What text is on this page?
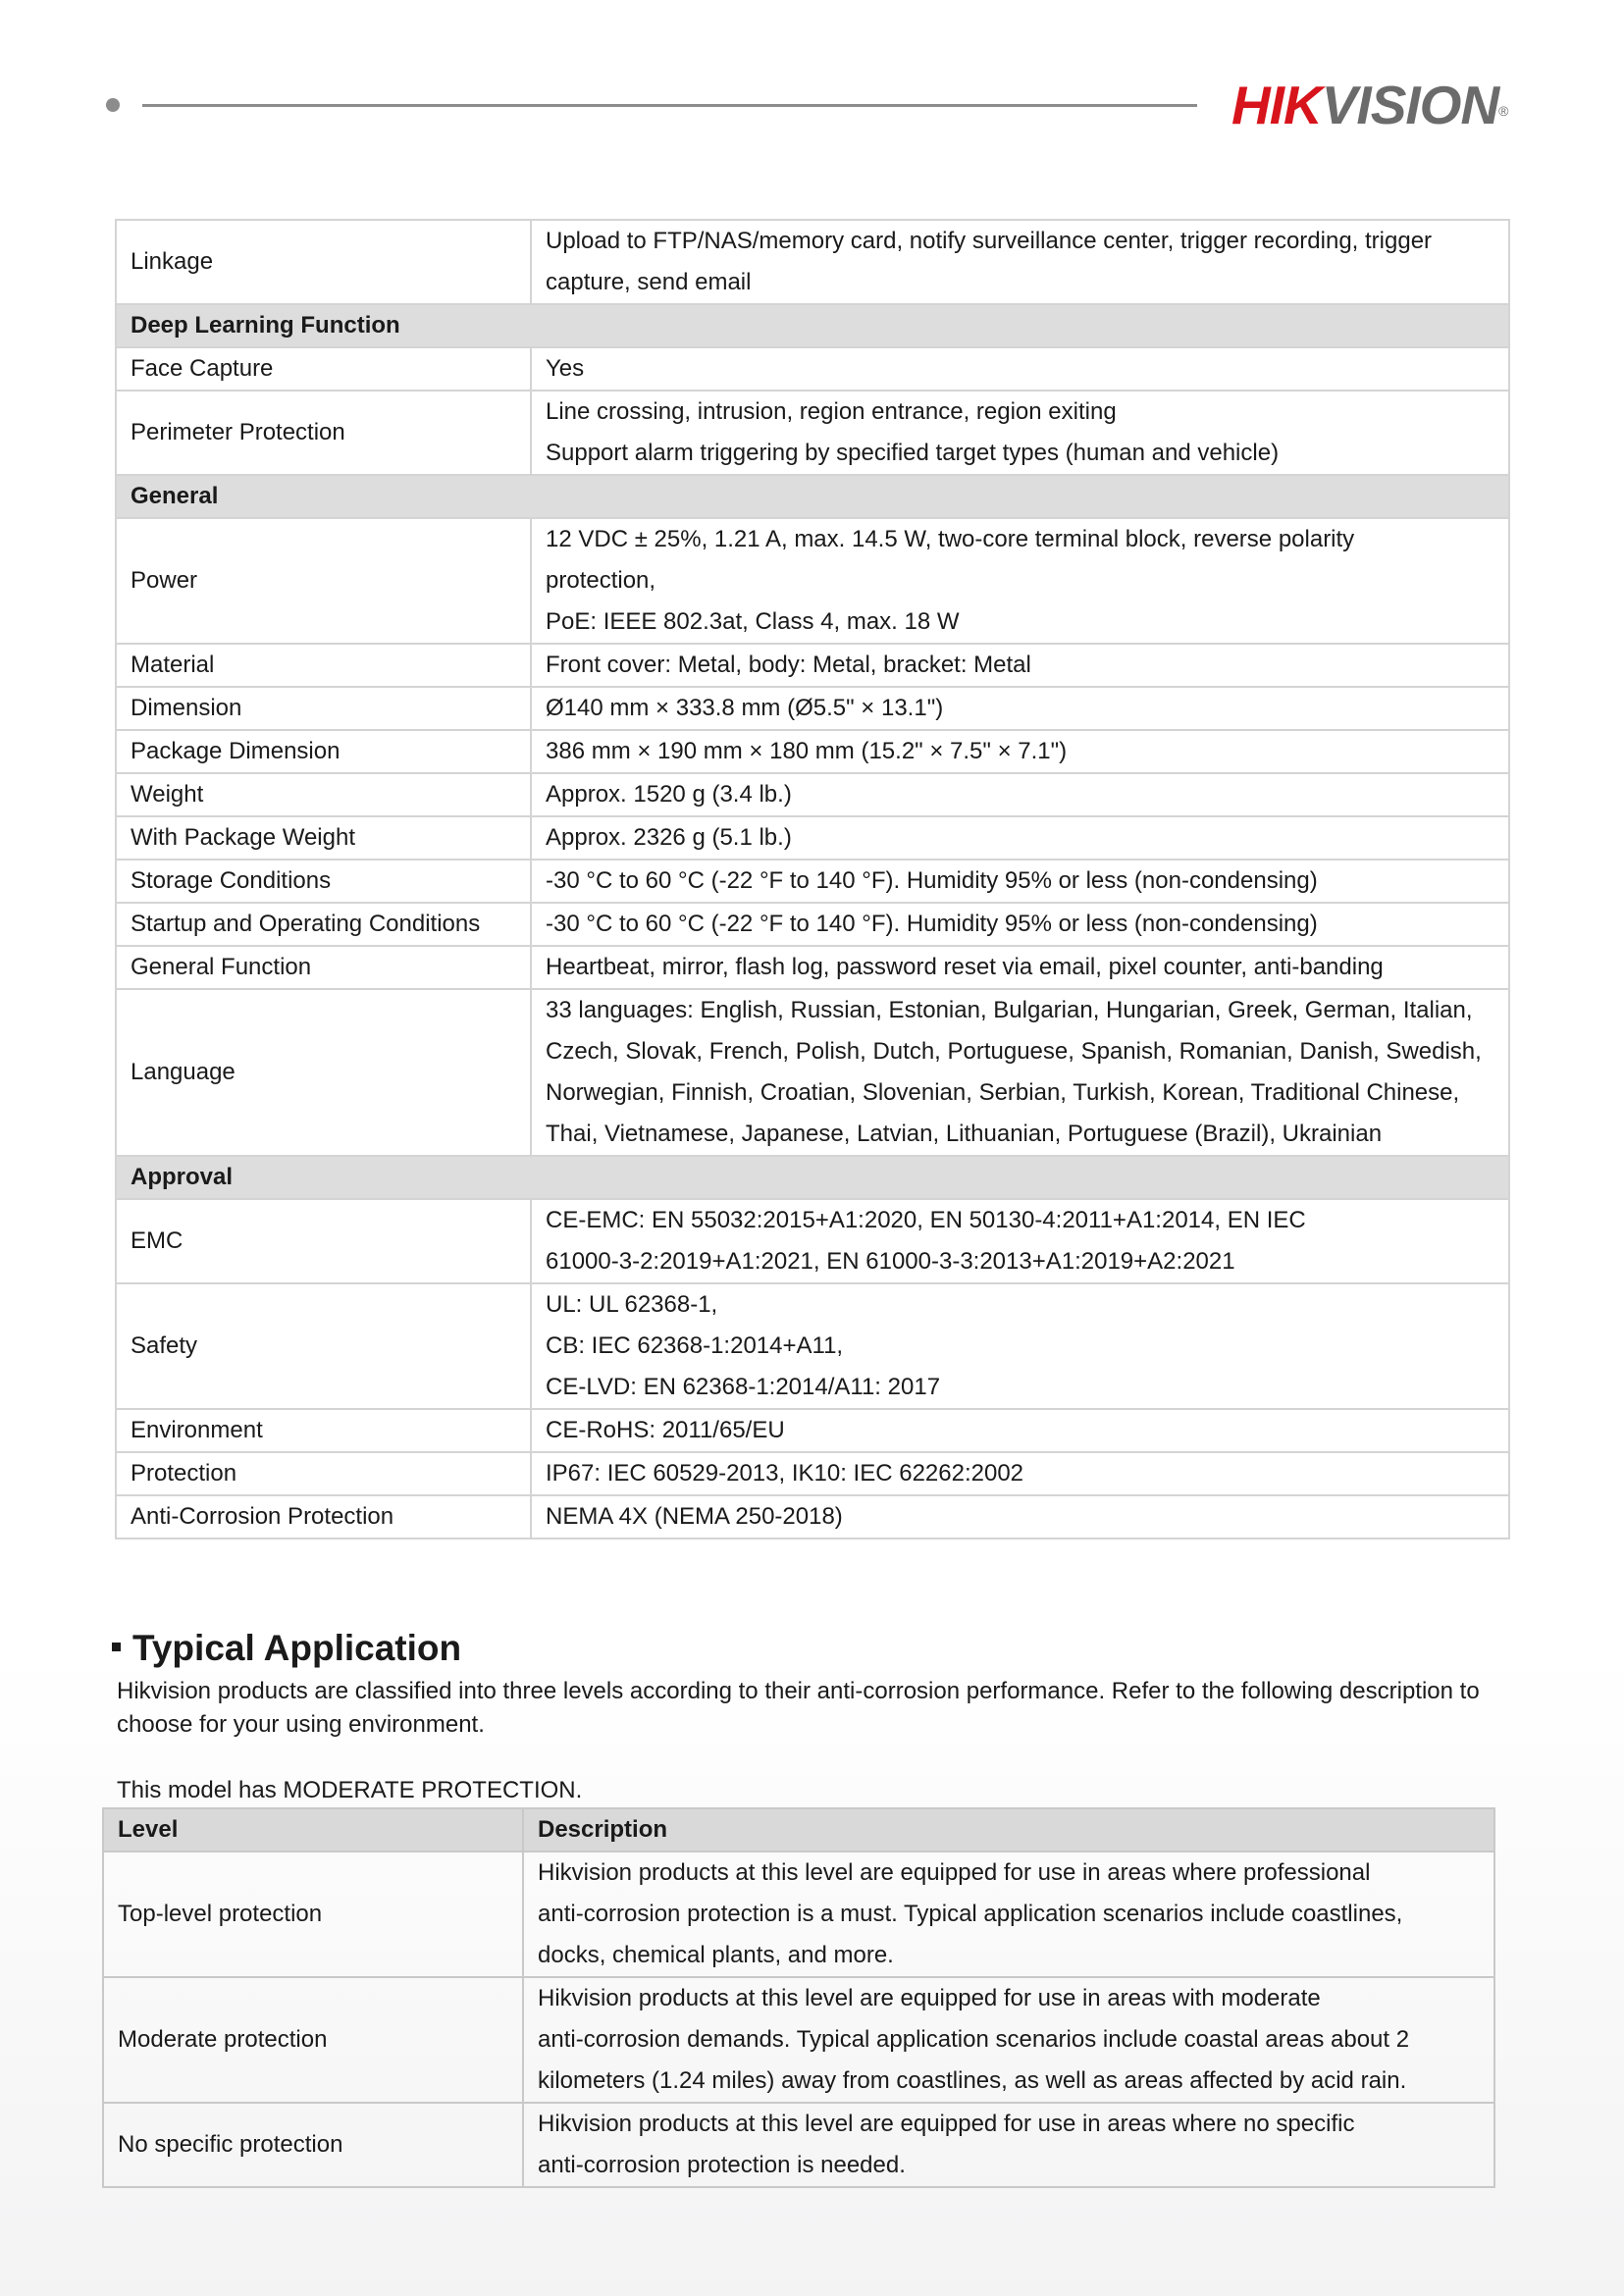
HIKVISION®
Linkage	Upload to FTP/NAS/memory card, notify surveillance center, trigger recording, trigger
capture, send email

Deep Learning Function	
Face Capture	Yes

Perimeter Protection	Line crossing, intrusion, region entrance, region exiting
Support alarm triggering by specified target types (human and vehicle)

General	
Power	12 VDC ± 25%, 1.21 A, max. 14.5 W, two-core terminal block, reverse polarity
protection,
PoE: IEEE 802.3at, Class 4, max. 18 W

Material	Front cover: Metal, body: Metal, bracket: Metal

Dimension	Ø140 mm × 333.8 mm (Ø5.5" × 13.1")

Package Dimension	386 mm × 190 mm × 180 mm (15.2" × 7.5" × 7.1")

Weight	Approx. 1520 g (3.4 lb.)

With Package Weight	Approx. 2326 g (5.1 lb.)

Storage Conditions	-30 °C to 60 °C (-22 °F to 140 °F). Humidity 95% or less (non-condensing)

Startup and Operating Conditions	-30 °C to 60 °C (-22 °F to 140 °F). Humidity 95% or less (non-condensing)

General Function	Heartbeat, mirror, flash log, password reset via email, pixel counter, anti-banding

Language	33 languages: English, Russian, Estonian, Bulgarian, Hungarian, Greek, German, Italian,
Czech, Slovak, French, Polish, Dutch, Portuguese, Spanish, Romanian, Danish, Swedish,
Norwegian, Finnish, Croatian, Slovenian, Serbian, Turkish, Korean, Traditional Chinese,
Thai, Vietnamese, Japanese, Latvian, Lithuanian, Portuguese (Brazil), Ukrainian

Approval	
EMC	CE-EMC: EN 55032:2015+A1:2020, EN 50130-4:2011+A1:2014, EN IEC
61000-3-2:2019+A1:2021, EN 61000-3-3:2013+A1:2019+A2:2021

Safety	UL: UL 62368-1,
CB: IEC 62368-1:2014+A11,
CE-LVD: EN 62368-1:2014/A11: 2017

Environment	CE-RoHS: 2011/65/EU

Protection	IP67: IEC 60529-2013, IK10: IEC 62262:2002

Anti-Corrosion Protection	NEMA 4X (NEMA 250-2018)
Typical Application
Hikvision products are classified into three levels according to their anti-corrosion performance. Refer to the following description to choose for your using environment.
This model has MODERATE PROTECTION.
Level	Description
Top-level protection	Hikvision products at this level are equipped for use in areas where professional
anti-corrosion protection is a must. Typical application scenarios include coastlines,
docks, chemical plants, and more.

Moderate protection	Hikvision products at this level are equipped for use in areas with moderate
anti-corrosion demands. Typical application scenarios include coastal areas about 2
kilometers (1.24 miles) away from coastlines, as well as areas affected by acid rain.

No specific protection	Hikvision products at this level are equipped for use in areas where no specific
anti-corrosion protection is needed.
